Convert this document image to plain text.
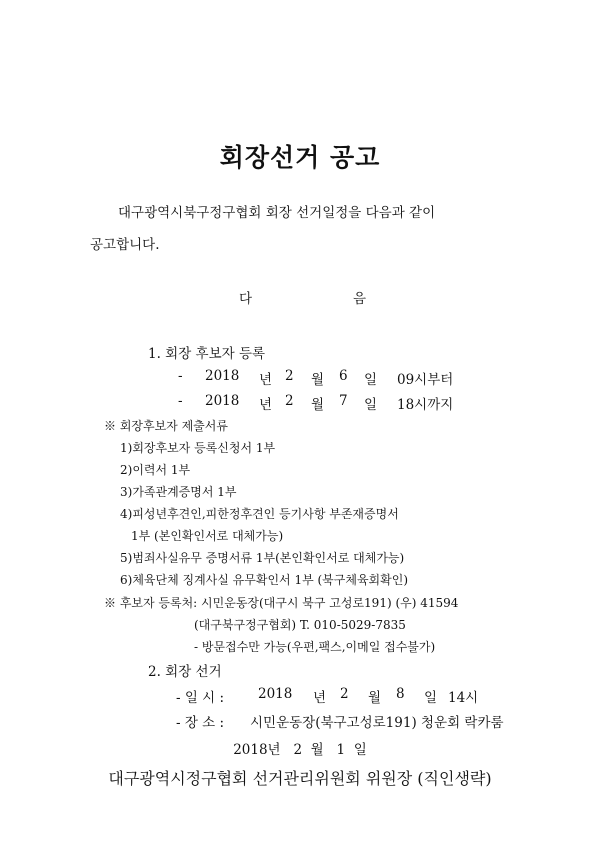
회장선거 공고
대구광역시북구정구협회 회장 선거일정을 다음과 같이
공고합니다.
다	음
1. 회장 후보자 등록
- 2018 년 2 월 6 일 09시부터
- 2018 년 2 월 7 일 18시까지
※ 회장후보자 제출서류
1)회장후보자 등록신청서 1부
2)이력서 1부
3)가족관계증명서 1부
4)피성년후견인,피한정후견인 등기사항 부존재증명서
1부 (본인확인서로 대체가능)
5)범죄사실유무 증명서류 1부(본인확인서로 대체가능)
6)체육단체 징계사실 유무확인서 1부 (북구체육회확인)
※ 후보자 등록처: 시민운동장(대구시 북구 고성로191) (우) 41594
(대구북구정구협회) T. 010-5029-7835
- 방문접수만 가능(우편,팩스,이메일 접수불가)
2. 회장 선거
- 일 시 :	2018 년 2 월 8 일 14시
- 장 소 : 시민운동장(북구고성로191) 청운회 락카룸
2018년   2  월   1  일
대구광역시정구협회 선거관리위원회 위원장 (직인생략)
